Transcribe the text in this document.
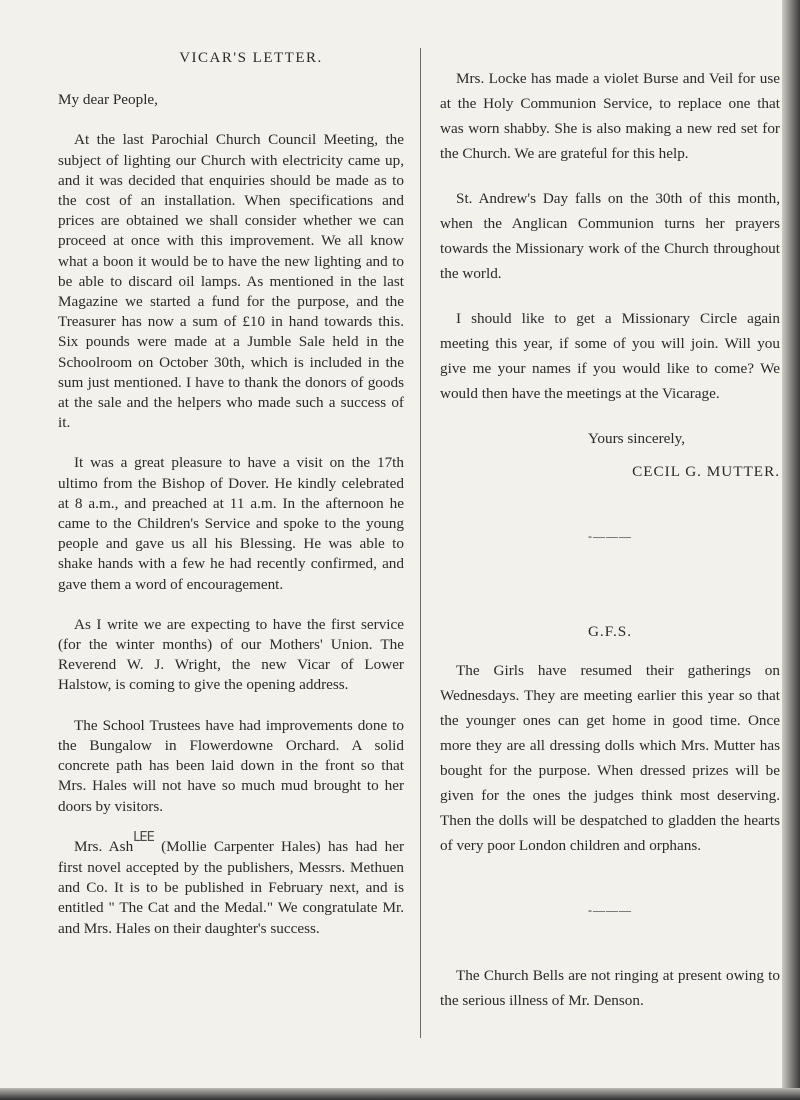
VICAR'S LETTER.
My dear People,

At the last Parochial Church Council Meeting, the subject of lighting our Church with electricity came up, and it was decided that enquiries should be made as to the cost of an installation. When specifications and prices are obtained we shall consider whether we can proceed at once with this improvement. We all know what a boon it would be to have the new lighting and to be able to discard oil lamps. As mentioned in the last Magazine we started a fund for the purpose, and the Treasurer has now a sum of £10 in hand towards this. Six pounds were made at a Jumble Sale held in the Schoolroom on October 30th, which is included in the sum just mentioned. I have to thank the donors of goods at the sale and the helpers who made such a success of it.

It was a great pleasure to have a visit on the 17th ultimo from the Bishop of Dover. He kindly celebrated at 8 a.m., and preached at 11 a.m. In the afternoon he came to the Children's Service and spoke to the young people and gave us all his Blessing. He was able to shake hands with a few he had recently confirmed, and gave them a word of encouragement.

As I write we are expecting to have the first service (for the winter months) of our Mothers' Union. The Reverend W. J. Wright, the new Vicar of Lower Halstow, is coming to give the opening address.

The School Trustees have had improvements done to the Bungalow in Flowerdowne Orchard. A solid concrete path has been laid down in the front so that Mrs. Hales will not have so much mud brought to her doors by visitors.

Mrs. AshLEE (Mollie Carpenter Hales) has had her first novel accepted by the publishers, Messrs. Methuen and Co. It is to be published in February next, and is entitled " The Cat and the Medal." We congratulate Mr. and Mrs. Hales on their daughter's success.

Mrs. Locke has made a violet Burse and Veil for use at the Holy Communion Service, to replace one that was worn shabby. She is also making a new red set for the Church. We are grateful for this help.

St. Andrew's Day falls on the 30th of this month, when the Anglican Communion turns her prayers towards the Missionary work of the Church throughout the world.

I should like to get a Missionary Circle again meeting this year, if some of you will join. Will you give me your names if you would like to come? We would then have the meetings at the Vicarage.

Yours sincerely,
CECIL G. MUTTER.
-———
G.F.S.

The Girls have resumed their gatherings on Wednesdays. They are meeting earlier this year so that the younger ones can get home in good time. Once more they are all dressing dolls which Mrs. Mutter has bought for the purpose. When dressed prizes will be given for the ones the judges think most deserving. Then the dolls will be despatched to gladden the hearts of very poor London children and orphans.

-———

The Church Bells are not ringing at present owing to the serious illness of Mr. Denson.
